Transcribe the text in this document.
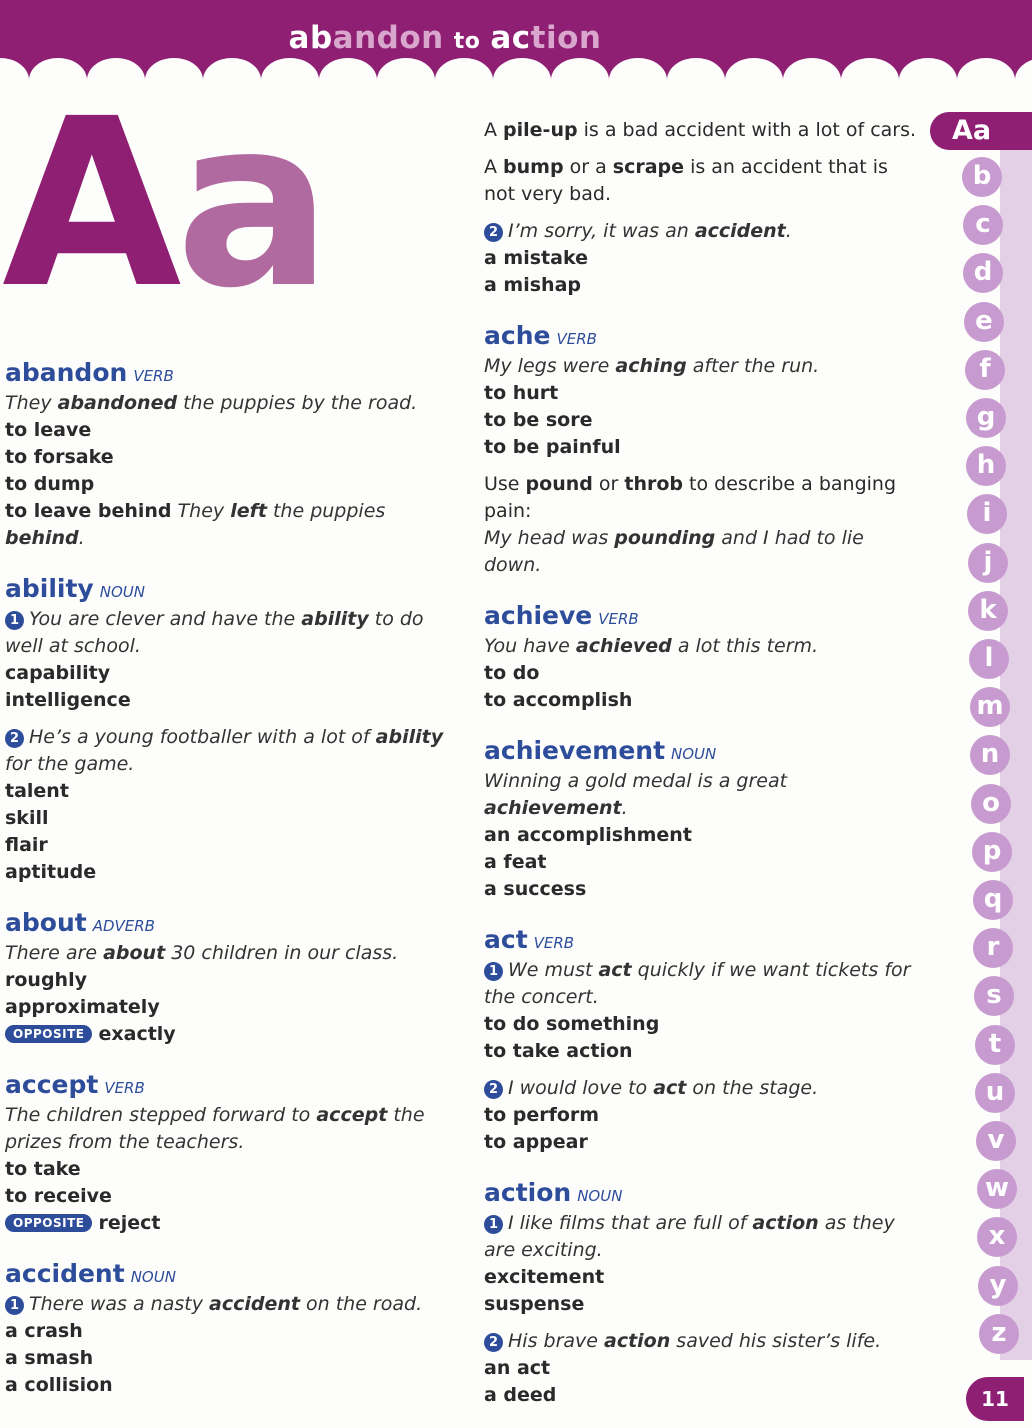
abandon to action
Aa

abandon VERB

They abandoned the puppies by the road.

to leave

to forsake

to dump

to leave behind They left the puppies behind.

ability NOUN

1 You are clever and have the ability to do well at school.

capability

intelligence

2 He’s a young footballer with a lot of ability for the game.

talent

skill

flair

aptitude

about ADVERB

There are about 30 children in our class.

roughly

approximately

OPPOSITE exactly

accept VERB

The children stepped forward to accept the prizes from the teachers.

to take

to receive

OPPOSITE reject

accident NOUN

1 There was a nasty accident on the road.

a crash

a smash

a collision

A pile-up is a bad accident with a lot of cars.

A bump or a scrape is an accident that is not very bad.

2 I’m sorry, it was an accident.

a mistake

a mishap

ache VERB

My legs were aching after the run.

to hurt

to be sore

to be painful

Use pound or throb to describe a banging pain:

My head was pounding and I had to lie down.

achieve VERB

You have achieved a lot this term.

to do

to accomplish

achievement NOUN

Winning a gold medal is a great achievement.

an accomplishment

a feat

a success

act VERB

1 We must act quickly if we want tickets for the concert.

to do something

to take action

2 I would love to act on the stage.

to perform

to appear

action NOUN

1 I like films that are full of action as they are exciting.

excitement

suspense

2 His brave action saved his sister’s life.

an act

a deed

Aa
b
c
d
e
f
g
h
i
j
k
l
m
n
o
p
q
r
s
t
u
v
w
x
y
z
11
